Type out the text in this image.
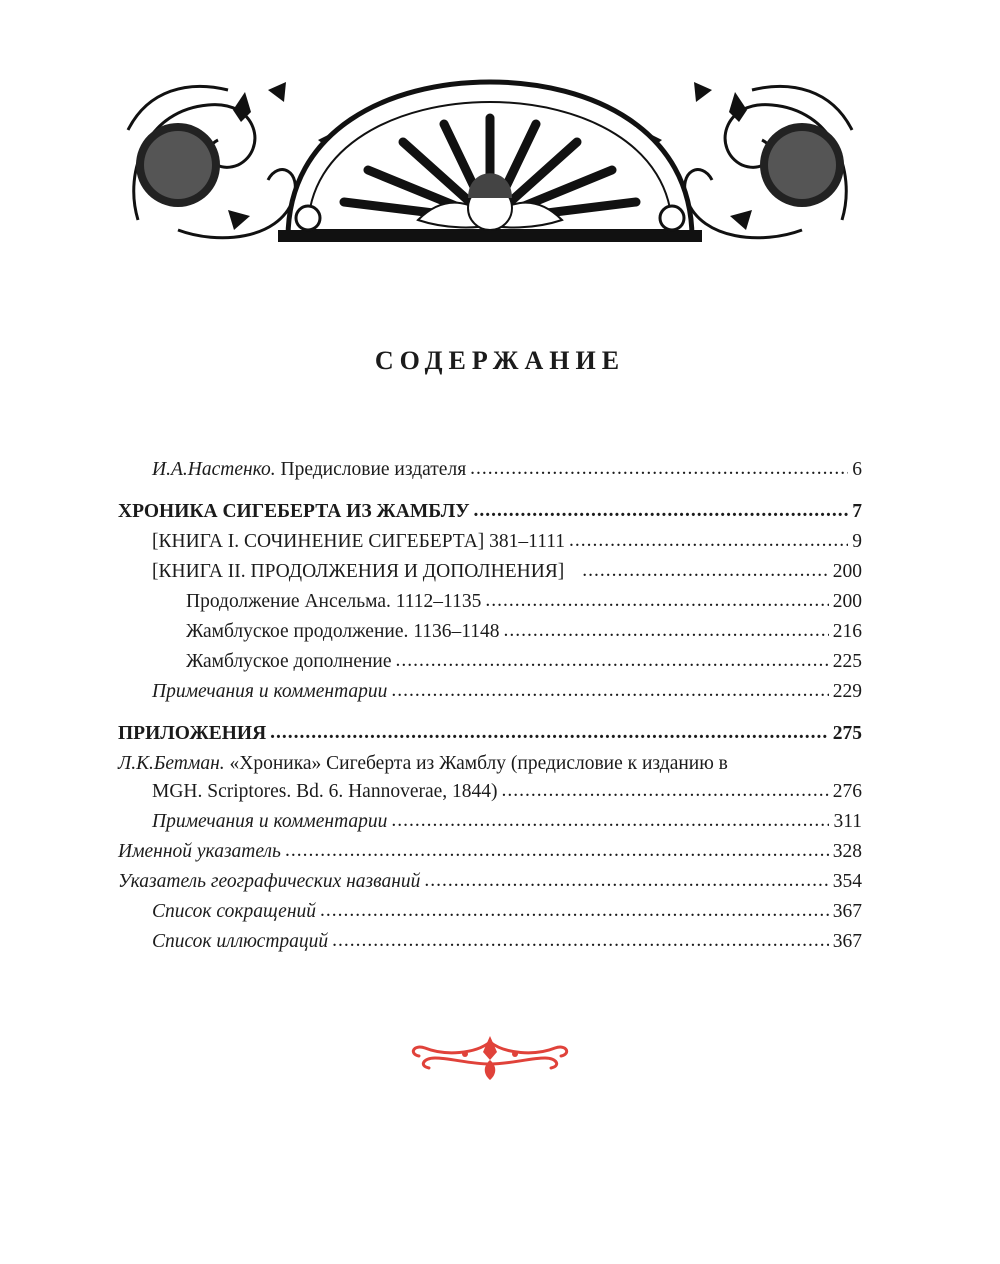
СОДЕРЖАНИЕ
И.А.Настенко. Предисловие издателя .....	6
ХРОНИКА СИГЕБЕРТА ИЗ ЖАМБЛУ .....	7
[КНИГА I. СОЧИНЕНИЕ СИГЕБЕРТА] 381–1111 .....	9
[КНИГА II. ПРОДОЛЖЕНИЯ И ДОПОЛНЕНИЯ] .....	200
Продолжение Ансельма. 1112–1135 .....	200
Жамблуское продолжение. 1136–1148 .....	216
Жамблуское дополнение .....	225
Примечания и комментарии .....	229
ПРИЛОЖЕНИЯ .....	275
Л.К.Бетман. «Хроника» Сигеберта из Жамблу (предисловие к изданию в
MGH. Scriptores. Bd. 6. Hannoverae, 1844) .....	276
Примечания и комментарии .....	311
Именной указатель .....	328
Указатель географических названий .....	354
Список сокращений .....	367
Список иллюстраций .....	367
